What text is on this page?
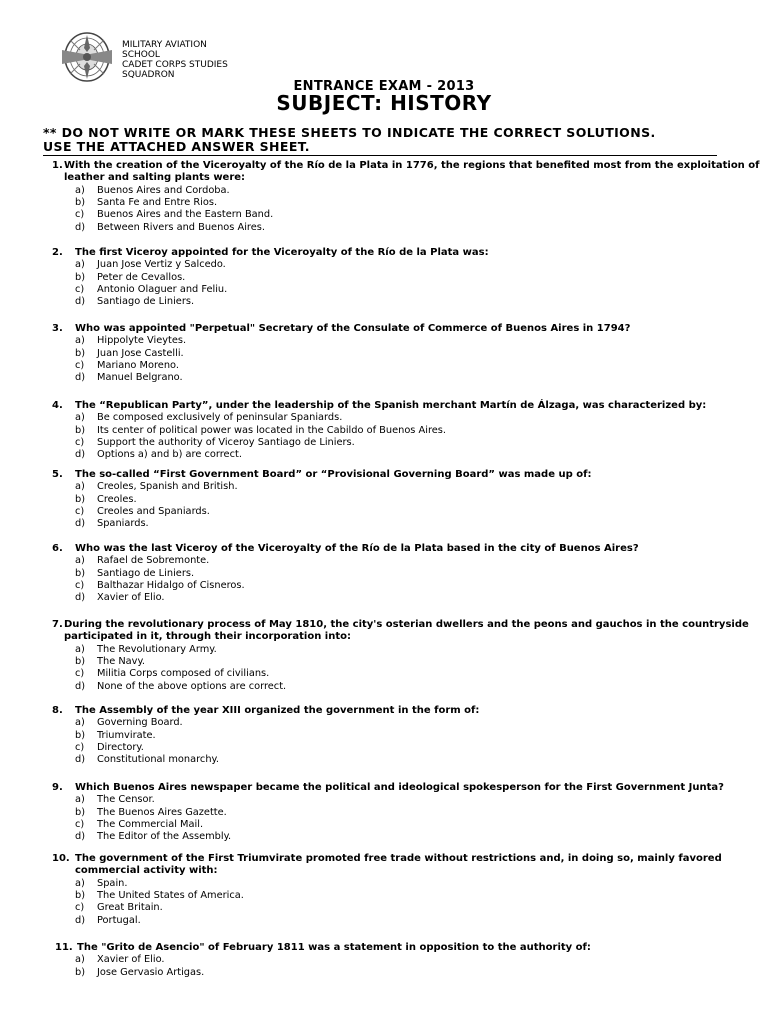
MILITARY AVIATION
SCHOOL
CADET CORPS STUDIES
SQUADRON
ENTRANCE EXAM - 2013
SUBJECT: HISTORY
** DO NOT WRITE OR MARK THESE SHEETS TO INDICATE THE CORRECT SOLUTIONS.
USE THE ATTACHED ANSWER SHEET.
1. With the creation of the Viceroyalty of the Río de la Plata in 1776, the regions that benefited most from the exploitation of
leather and salting plants were:
a) Buenos Aires and Cordoba.
b) Santa Fe and Entre Rios.
c) Buenos Aires and the Eastern Band.
d) Between Rivers and Buenos Aires.
2.	The first Viceroy appointed for the Viceroyalty of the Río de la Plata was:
a) Juan Jose Vertiz y Salcedo.
b) Peter de Cevallos.
c) Antonio Olaguer and Feliu.
d) Santiago de Liniers.
3.	Who was appointed "Perpetual" Secretary of the Consulate of Commerce of Buenos Aires in 1794?
a) Hippolyte Vieytes.
b) Juan Jose Castelli.
c) Mariano Moreno.
d) Manuel Belgrano.
4.	The “Republican Party”, under the leadership of the Spanish merchant Martín de Álzaga, was characterized by:
a) Be composed exclusively of peninsular Spaniards.
b) Its center of political power was located in the Cabildo of Buenos Aires.
c) Support the authority of Viceroy Santiago de Liniers.
d) Options a) and b) are correct.
5.	The so-called “First Government Board” or “Provisional Governing Board” was made up of:
a) Creoles, Spanish and British.
b) Creoles.
c) Creoles and Spaniards.
d) Spaniards.
6.	Who was the last Viceroy of the Viceroyalty of the Río de la Plata based in the city of Buenos Aires?
a) Rafael de Sobremonte.
b) Santiago de Liniers.
c) Balthazar Hidalgo of Cisneros.
d) Xavier of Elio.
7. During the revolutionary process of May 1810, the city's osterian dwellers and the peons and gauchos in the countryside
participated in it, through their incorporation into:
a) The Revolutionary Army.
b) The Navy.
c) Militia Corps composed of civilians.
d) None of the above options are correct.
8.	The Assembly of the year XIII organized the government in the form of:
a) Governing Board.
b) Triumvirate.
c) Directory.
d) Constitutional monarchy.
9.	Which Buenos Aires newspaper became the political and ideological spokesperson for the First Government Junta?
a) The Censor.
b) The Buenos Aires Gazette.
c) The Commercial Mail.
d) The Editor of the Assembly.
10. The government of the First Triumvirate promoted free trade without restrictions and, in doing so, mainly favored
commercial activity with:
a) Spain.
b) The United States of America.
c) Great Britain.
d) Portugal.
11. The "Grito de Asencio" of February 1811 was a statement in opposition to the authority of:
a) Xavier of Elio.
b) Jose Gervasio Artigas.
